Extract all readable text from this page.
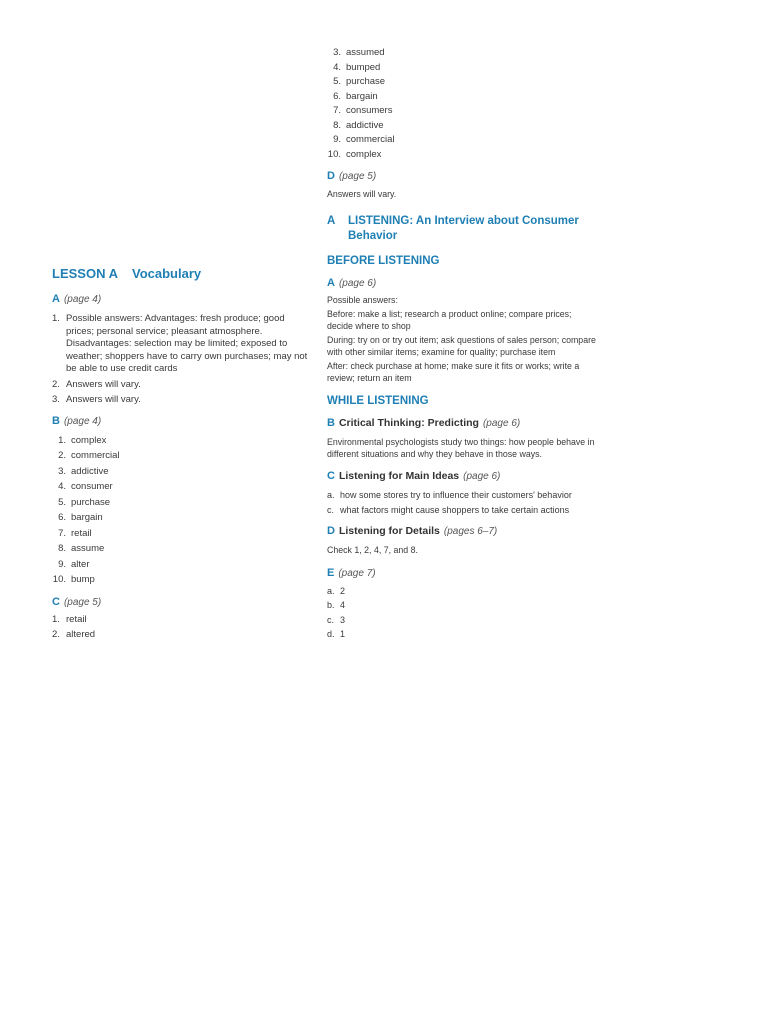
LESSON A Vocabulary

A (page 4)

1. Possible answers: Advantages: fresh produce; good prices; personal service; pleasant atmosphere. Disadvantages: selection may be limited; exposed to weather; shoppers have to carry own purchases; may not be able to use credit cards
2. Answers will vary.
3. Answers will vary.

B (page 4)

1. complex
2. commercial
3. addictive
4. consumer
5. purchase
6. bargain
7. retail
8. assume
9. alter
10. bump

C (page 5)

1. retail
2. altered
3. assumed
4. bumped
5. purchase
6. bargain
7. consumers
8. addictive
9. commercial
10. complex

D (page 5)

Answers will vary.

A	LISTENING: An Interview about Consumer Behavior

BEFORE LISTENING

A (page 6)

Possible answers:

Before: make a list; research a product online; compare prices; decide where to shop

During: try on or try out item; ask questions of sales person; compare with other similar items; examine for quality; purchase item

After: check purchase at home; make sure it fits or works; write a review; return an item

WHILE LISTENING

B Critical Thinking: Predicting (page 6)

Environmental psychologists study two things: how people behave in different situations and why they behave in those ways.

C Listening for Main Ideas (page 6)

a. how some stores try to influence their customers' behavior
c. what factors might cause shoppers to take certain actions

D Listening for Details (pages 6–7)

Check 1, 2, 4, 7, and 8.

E (page 7)

a. 2
b. 4
c. 3
d. 1
